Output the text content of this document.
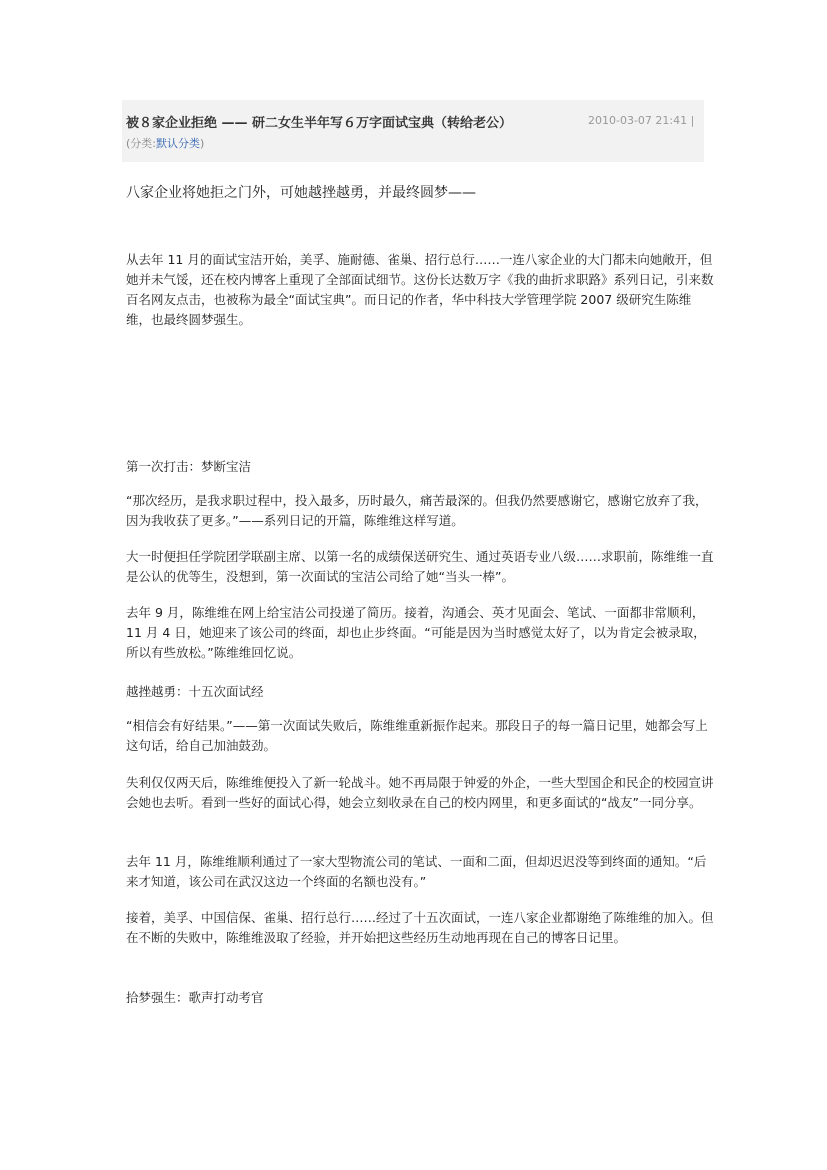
被８家企业拒绝 —— 研二女生半年写６万字面试宝典（转给老公）	2010-03-07 21:41 |
(分类:默认分类)
八家企业将她拒之门外，可她越挫越勇，并最终圆梦——

从去年 11 月的面试宝洁开始，美孚、施耐德、雀巢、招行总行……一连八家企业的大门都未向她敞开，但她并未气馁，还在校内博客上重现了全部面试细节。这份长达数万字《我的曲折求职路》系列日记，引来数百名网友点击，也被称为最全“面试宝典”。而日记的作者，华中科技大学管理学院 2007 级研究生陈维维，也最终圆梦强生。

第一次打击：梦断宝洁

“那次经历，是我求职过程中，投入最多，历时最久，痛苦最深的。但我仍然要感谢它，感谢它放弃了我，因为我收获了更多。”——系列日记的开篇，陈维维这样写道。

大一时便担任学院团学联副主席、以第一名的成绩保送研究生、通过英语专业八级……求职前，陈维维一直是公认的优等生，没想到，第一次面试的宝洁公司给了她“当头一棒”。

去年 9 月，陈维维在网上给宝洁公司投递了简历。接着，沟通会、英才见面会、笔试、一面都非常顺利，11 月 4 日，她迎来了该公司的终面，却也止步终面。“可能是因为当时感觉太好了，以为肯定会被录取，所以有些放松。”陈维维回忆说。

越挫越勇：十五次面试经

“相信会有好结果。”——第一次面试失败后，陈维维重新振作起来。那段日子的每一篇日记里，她都会写上这句话，给自己加油鼓劲。

失利仅仅两天后，陈维维便投入了新一轮战斗。她不再局限于钟爱的外企，一些大型国企和民企的校园宣讲会她也去听。看到一些好的面试心得，她会立刻收录在自己的校内网里，和更多面试的“战友”一同分享。

去年 11 月，陈维维顺利通过了一家大型物流公司的笔试、一面和二面，但却迟迟没等到终面的通知。“后来才知道，该公司在武汉这边一个终面的名额也没有。”

接着，美孚、中国信保、雀巢、招行总行……经过了十五次面试，一连八家企业都谢绝了陈维维的加入。但在不断的失败中，陈维维汲取了经验，并开始把这些经历生动地再现在自己的博客日记里。

拾梦强生：歌声打动考官
